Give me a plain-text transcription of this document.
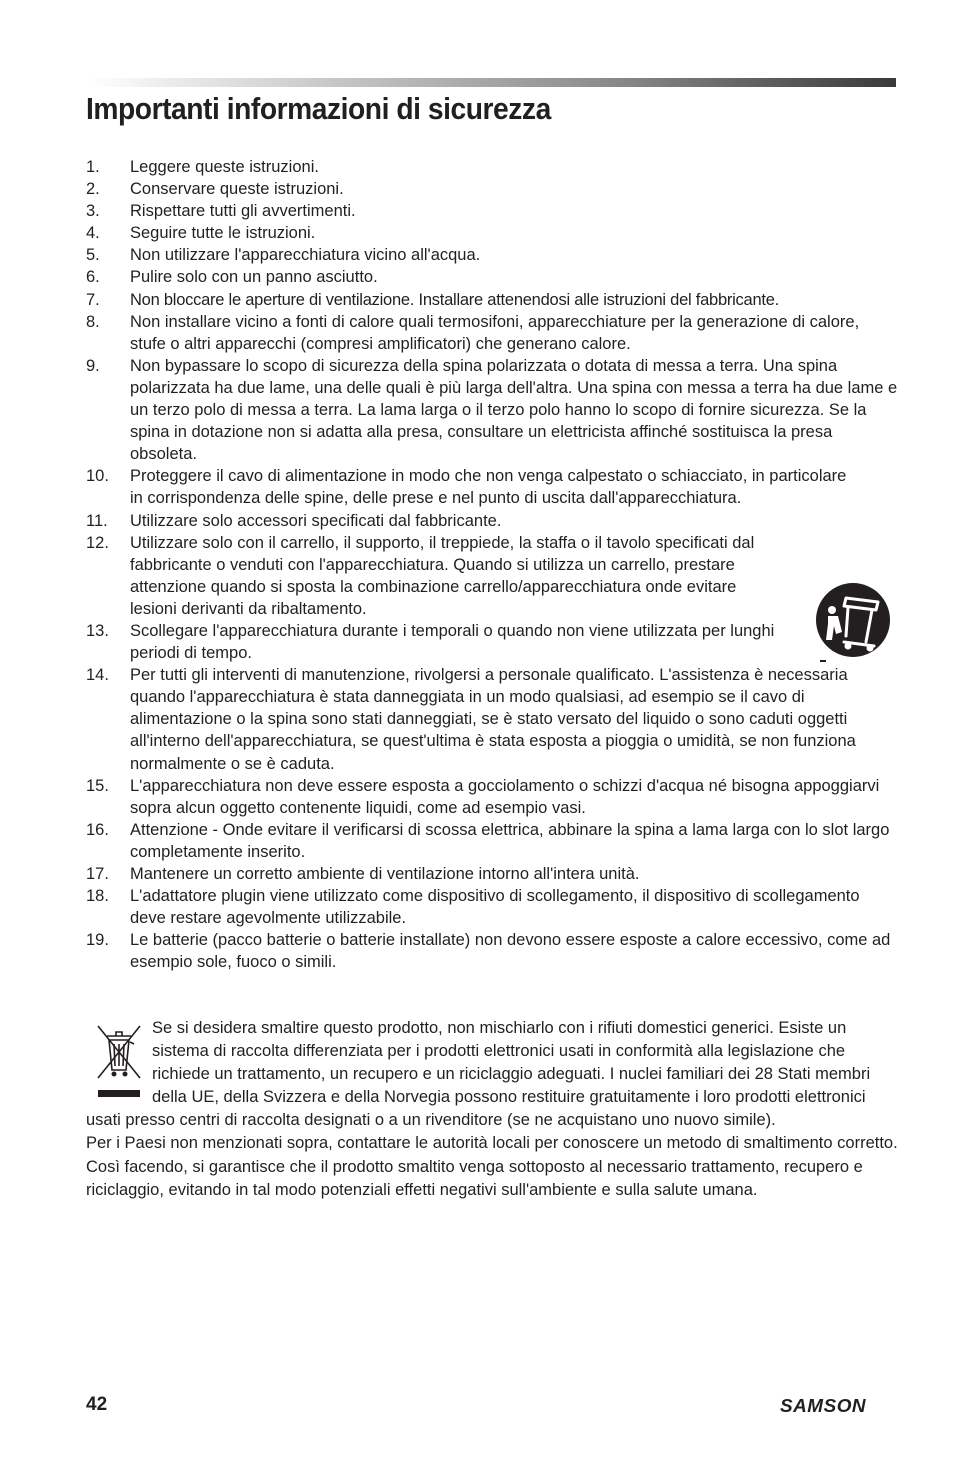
Importanti informazioni di sicurezza
1. Leggere queste istruzioni.
2. Conservare queste istruzioni.
3. Rispettare tutti gli avvertimenti.
4. Seguire tutte le istruzioni.
5. Non utilizzare l'apparecchiatura vicino all'acqua.
6. Pulire solo con un panno asciutto.
7. Non bloccare le aperture di ventilazione. Installare attenendosi alle istruzioni del fabbricante.
8. Non installare vicino a fonti di calore quali termosifoni, apparecchiature per la generazione di calore, stufe o altri apparecchi (compresi amplificatori) che generano calore.
9. Non bypassare lo scopo di sicurezza della spina polarizzata o dotata di messa a terra. Una spina polarizzata ha due lame, una delle quali è più larga dell'altra. Una spina con messa a terra ha due lame e un terzo polo di messa a terra. La lama larga o il terzo polo hanno lo scopo di fornire sicurezza. Se la spina in dotazione non si adatta alla presa, consultare un elettricista affinché sostituisca la presa obsoleta.
10. Proteggere il cavo di alimentazione in modo che non venga calpestato o schiacciato, in particolare in corrispondenza delle spine, delle prese e nel punto di uscita dall'apparecchiatura.
11. Utilizzare solo accessori specificati dal fabbricante.
12. Utilizzare solo con il carrello, il supporto, il treppiede, la staffa o il tavolo specificati dal fabbricante o venduti con l'apparecchiatura. Quando si utilizza un carrello, prestare attenzione quando si sposta la combinazione carrello/apparecchiatura onde evitare lesioni derivanti da ribaltamento.
13. Scollegare l'apparecchiatura durante i temporali o quando non viene utilizzata per lunghi periodi di tempo.
14. Per tutti gli interventi di manutenzione, rivolgersi a personale qualificato. L'assistenza è necessaria quando l'apparecchiatura è stata danneggiata in un modo qualsiasi, ad esempio se il cavo di alimentazione o la spina sono stati danneggiati, se è stato versato del liquido o sono caduti oggetti all'interno dell'apparecchiatura, se quest'ultima è stata esposta a pioggia o umidità, se non funziona normalmente o se è caduta.
15. L'apparecchiatura non deve essere esposta a gocciolamento o schizzi d'acqua né bisogna appoggiarvi sopra alcun oggetto contenente liquidi, come ad esempio vasi.
16. Attenzione - Onde evitare il verificarsi di scossa elettrica, abbinare la spina a lama larga con lo slot largo completamente inserito.
17. Mantenere un corretto ambiente di ventilazione intorno all'intera unità.
18. L'adattatore plugin viene utilizzato come dispositivo di scollegamento, il dispositivo di scollegamento deve restare agevolmente utilizzabile.
19. Le batterie (pacco batterie o batterie installate) non devono essere esposte a calore eccessivo, come ad esempio sole, fuoco o simili.

Se si desidera smaltire questo prodotto, non mischiarlo con i rifiuti domestici generici. Esiste un sistema di raccolta differenziata per i prodotti elettronici usati in conformità alla legislazione che richiede un trattamento, un recupero e un riciclaggio adeguati. I nuclei familiari dei 28 Stati membri della UE, della Svizzera e della Norvegia possono restituire gratuitamente i loro prodotti elettronici usati presso centri di raccolta designati o a un rivenditore (se ne acquistano uno nuovo simile).

Per i Paesi non menzionati sopra, contattare le autorità locali per conoscere un metodo di smaltimento corretto.

Così facendo, si garantisce che il prodotto smaltito venga sottoposto al necessario trattamento, recupero e riciclaggio, evitando in tal modo potenziali effetti negativi sull'ambiente e sulla salute umana.

42	SAMSON
